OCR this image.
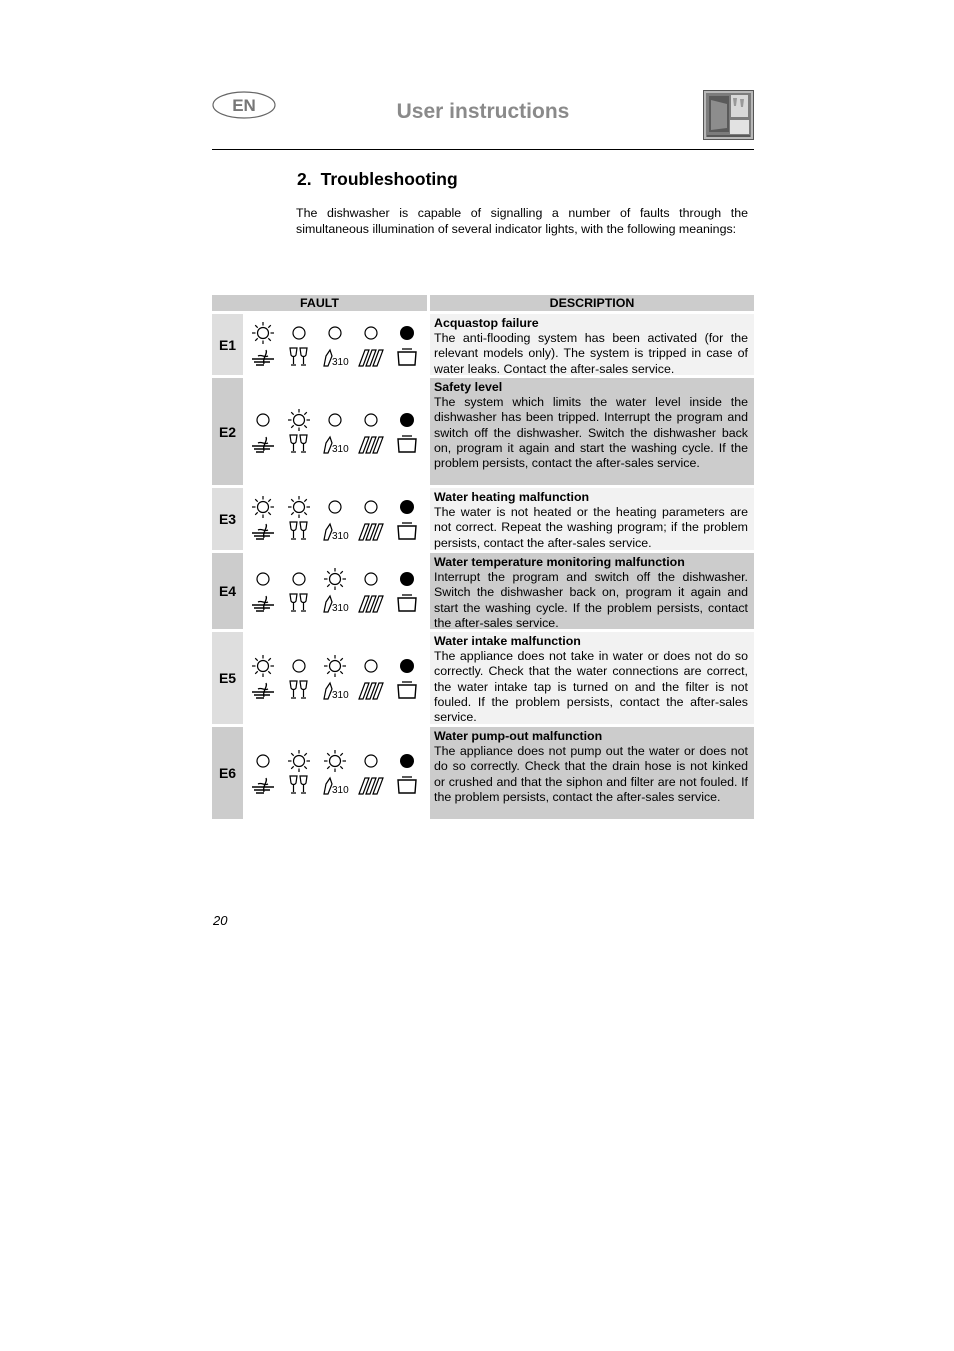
EN	User instructions
2. Troubleshooting
The dishwasher is capable of signalling a number of faults through the simultaneous illumination of several indicator lights, with the following meanings:
FAULT	DESCRIPTION
E1
310
Acquastop failure
The anti-flooding system has been activated (for the relevant models only). The system is tripped in case of water leaks. Contact the after-sales service.
E2
310
Safety level
The system which limits the water level inside the dishwasher has been tripped. Interrupt the program and switch off the dishwasher. Switch the dishwasher back on, program it again and start the washing cycle. If the problem persists, contact the after-sales service.
E3
310
Water heating malfunction
The water is not heated or the heating parameters are not correct. Repeat the washing program; if the problem persists, contact the after-sales service.
E4
310
Water temperature monitoring malfunction
Interrupt the program and switch off the dishwasher. Switch the dishwasher back on, program it again and start the washing cycle. If the problem persists, contact the after-sales service.
E5
310
Water intake malfunction
The appliance does not take in water or does not do so correctly. Check that the water connections are correct, the water intake tap is turned on and the filter is not fouled. If the problem persists, contact the after-sales service.
E6
310
Water pump-out malfunction
The appliance does not pump out the water or does not do so correctly. Check that the drain hose is not kinked or crushed and that the siphon and filter are not fouled. If the problem persists, contact the after-sales service.
20
